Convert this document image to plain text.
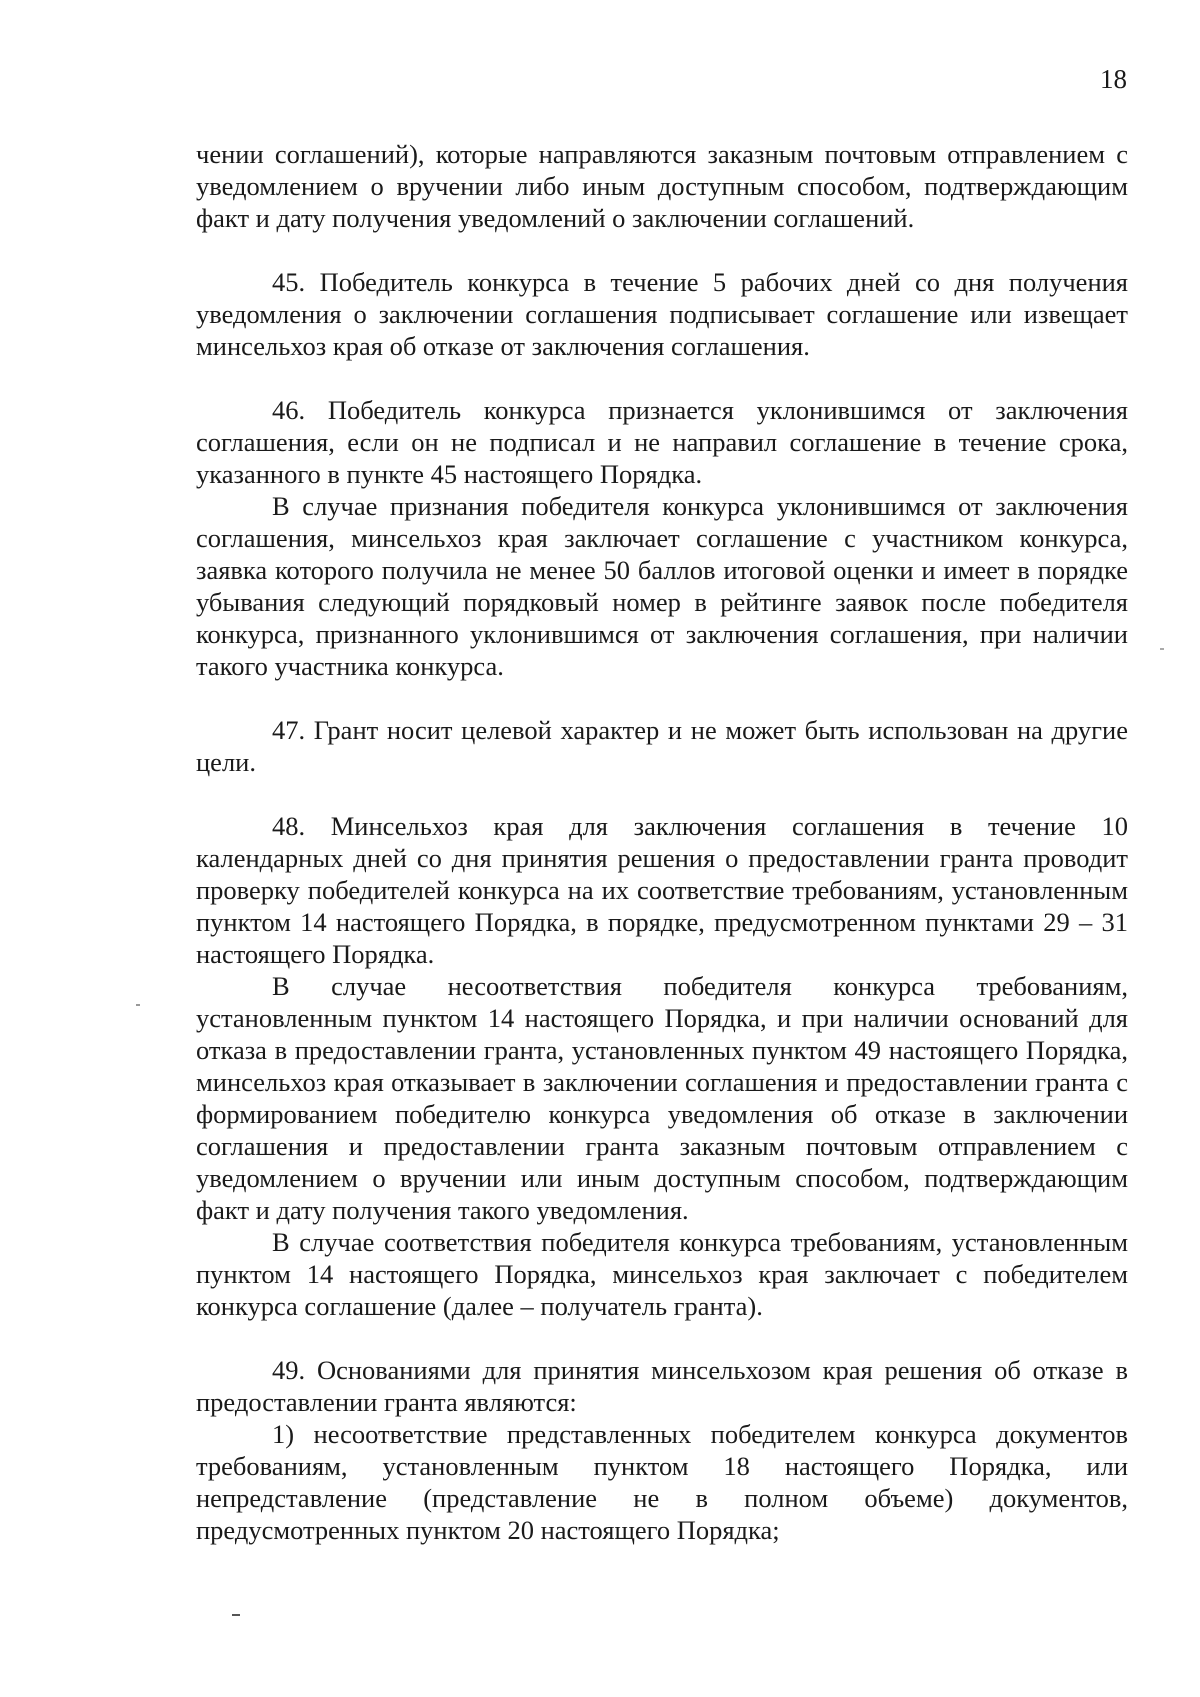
18

чении соглашений), которые направляются заказным почтовым отправлением с уведомлением о вручении либо иным доступным способом, подтверждающим факт и дату получения уведомлений о заключении соглашений.

45. Победитель конкурса в течение 5 рабочих дней со дня получения уведомления о заключении соглашения подписывает соглашение или извещает минсельхоз края об отказе от заключения соглашения.

46. Победитель конкурса признается уклонившимся от заключения соглашения, если он не подписал и не направил соглашение в течение срока, указанного в пункте 45 настоящего Порядка.

В случае признания победителя конкурса уклонившимся от заключения соглашения, минсельхоз края заключает соглашение с участником конкурса, заявка которого получила не менее 50 баллов итоговой оценки и имеет в порядке убывания следующий порядковый номер в рейтинге заявок после победителя конкурса, признанного уклонившимся от заключения соглашения, при наличии такого участника конкурса.

47. Грант носит целевой характер и не может быть использован на другие цели.

48. Минсельхоз края для заключения соглашения в течение 10 календарных дней со дня принятия решения о предоставлении гранта проводит проверку победителей конкурса на их соответствие требованиям, установленным пунктом 14 настоящего Порядка, в порядке, предусмотренном пунктами 29 – 31 настоящего Порядка.

В случае несоответствия победителя конкурса требованиям, установленным пунктом 14 настоящего Порядка, и при наличии оснований для отказа в предоставлении гранта, установленных пунктом 49 настоящего Порядка, минсельхоз края отказывает в заключении соглашения и предоставлении гранта с формированием победителю конкурса уведомления об отказе в заключении соглашения и предоставлении гранта заказным почтовым отправлением с уведомлением о вручении или иным доступным способом, подтверждающим факт и дату получения такого уведомления.

В случае соответствия победителя конкурса требованиям, установленным пунктом 14 настоящего Порядка, минсельхоз края заключает с победителем конкурса соглашение (далее – получатель гранта).

49. Основаниями для принятия минсельхозом края решения об отказе в предоставлении гранта являются:

1) несоответствие представленных победителем конкурса документов требованиям, установленным пунктом 18 настоящего Порядка, или непредставление (представление не в полном объеме) документов, предусмотренных пунктом 20 настоящего Порядка;
